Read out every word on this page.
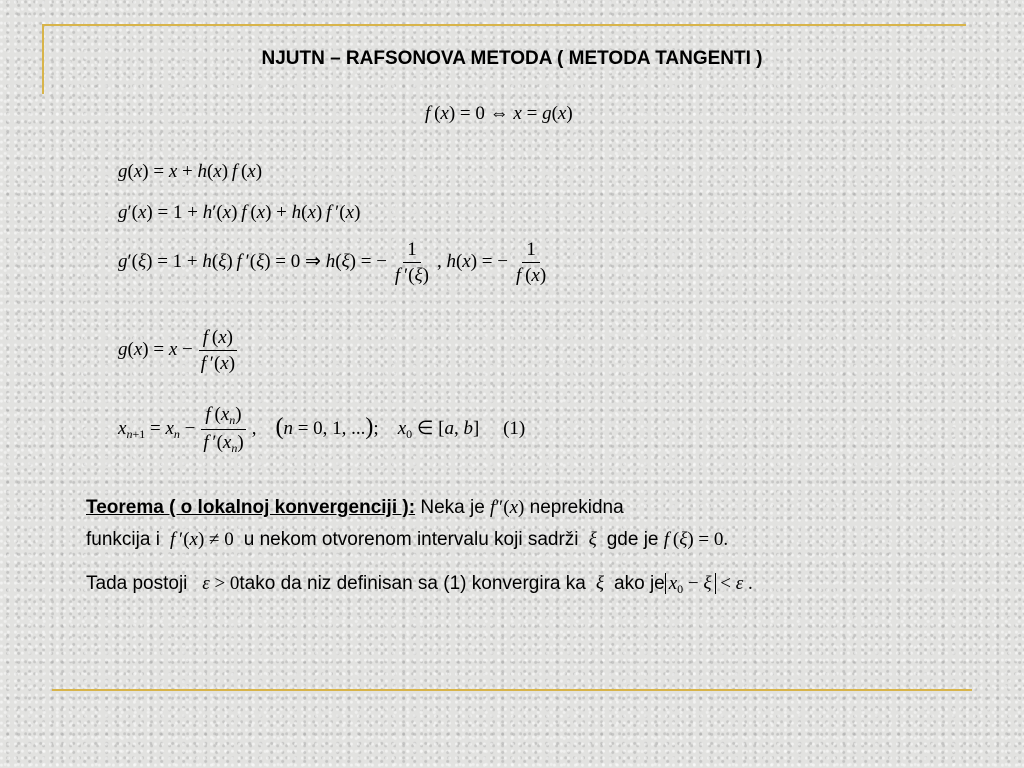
NJUTN – RAFSONOVA METODA ( METODA TANGENTI )
f (x) = 0 ⇔ x = g(x)
g(x) = x + h(x) f (x)
g′(x) = 1 + h′(x) f (x) + h(x) f ′(x)
g′(ξ) = 1 + h(ξ) f ′(ξ) = 0 ⇒ h(ξ) = − $\frac{1}{f '(\xi)}$ , h(x) = − $\frac{1}{f (x)}$
$g(x) = x - \frac{f (x)}{f '(x)}$
$x_{n+1} = x_n - \frac{f (x_n)}{f '(x_n)}$ ,    (n = 0, 1, ...);    $x_0$ ∈ [a, b]     (1)
Teorema ( o lokalnoj konvergenciji ): Neka je f″(x) neprekidna
funkcija i f ′(x) ≠ 0  u nekom otvorenom intervalu koji sadrži ξ gde je f (ξ) = 0.
Tada postoji ε > 0tako da niz definisan sa (1) konvergira ka ξ ako je $x_0 - \xi < \varepsilon$ .
